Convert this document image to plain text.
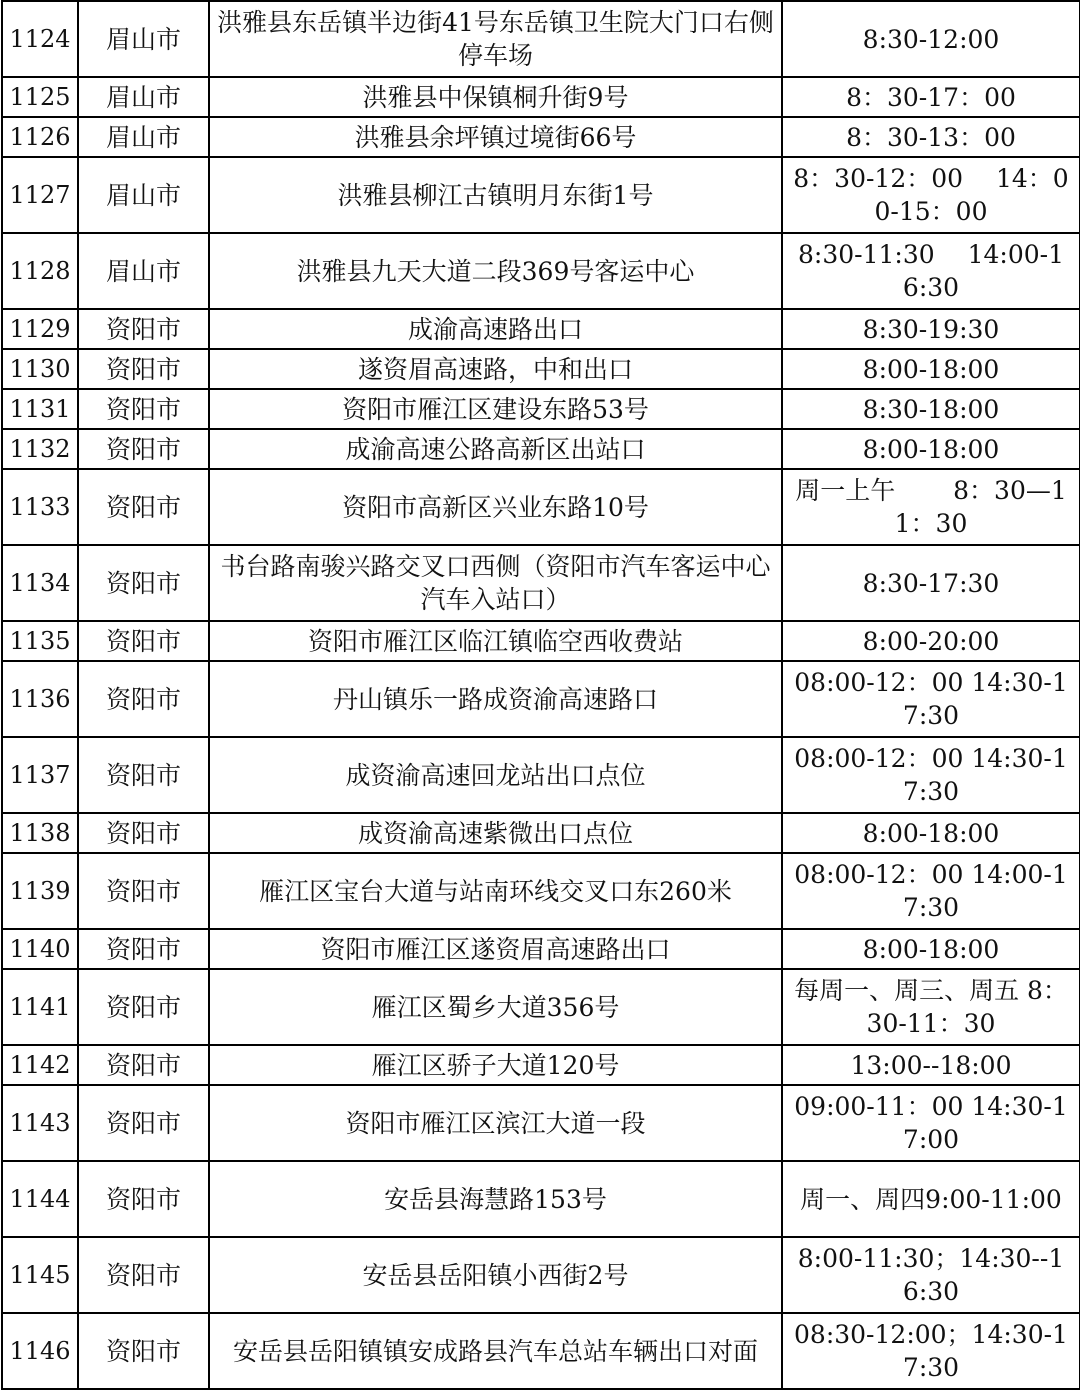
1124	眉山市	洪雅县东岳镇半边街41号东岳镇卫生院大门口右侧停车场	8:30-12:00
1125	眉山市	洪雅县中保镇桐升街9号	8：30-17：00
1126	眉山市	洪雅县余坪镇过境街66号	8：30-13：00
1127	眉山市	洪雅县柳江古镇明月东街1号	8：30-12：00　 14：00-15：00
1128	眉山市	洪雅县九天大道二段369号客运中心	8:30-11:30　 14:00-16:30
1129	资阳市	成渝高速路出口	8:30-19:30
1130	资阳市	遂资眉高速路，中和出口	8:00-18:00
1131	资阳市	资阳市雁江区建设东路53号	8:30-18:00
1132	资阳市	成渝高速公路高新区出站口	8:00-18:00
1133	资阳市	资阳市高新区兴业东路10号	周一上午　　 8：30—11：30
1134	资阳市	书台路南骏兴路交叉口西侧（资阳市汽车客运中心汽车入站口）	8:30-17:30
1135	资阳市	资阳市雁江区临江镇临空西收费站	8:00-20:00
1136	资阳市	丹山镇乐一路成资渝高速路口	08:00-12：00 14:30-17:30
1137	资阳市	成资渝高速回龙站出口点位	08:00-12：00 14:30-17:30
1138	资阳市	成资渝高速紫微出口点位	8:00-18:00
1139	资阳市	雁江区宝台大道与站南环线交叉口东260米	08:00-12：00 14:00-17:30
1140	资阳市	资阳市雁江区遂资眉高速路出口	8:00-18:00
1141	资阳市	雁江区蜀乡大道356号	每周一、周三、周五 8：30-11：30
1142	资阳市	雁江区骄子大道120号	13:00--18:00
1143	资阳市	资阳市雁江区滨江大道一段	09:00-11：00 14:30-17:00
1144	资阳市	安岳县海慧路153号	周一、周四9:00-11:00
1145	资阳市	安岳县岳阳镇小西街2号	8:00-11:30；14:30--16:30
1146	资阳市	安岳县岳阳镇镇安成路县汽车总站车辆出口对面	08:30-12:00；14:30-17:30
